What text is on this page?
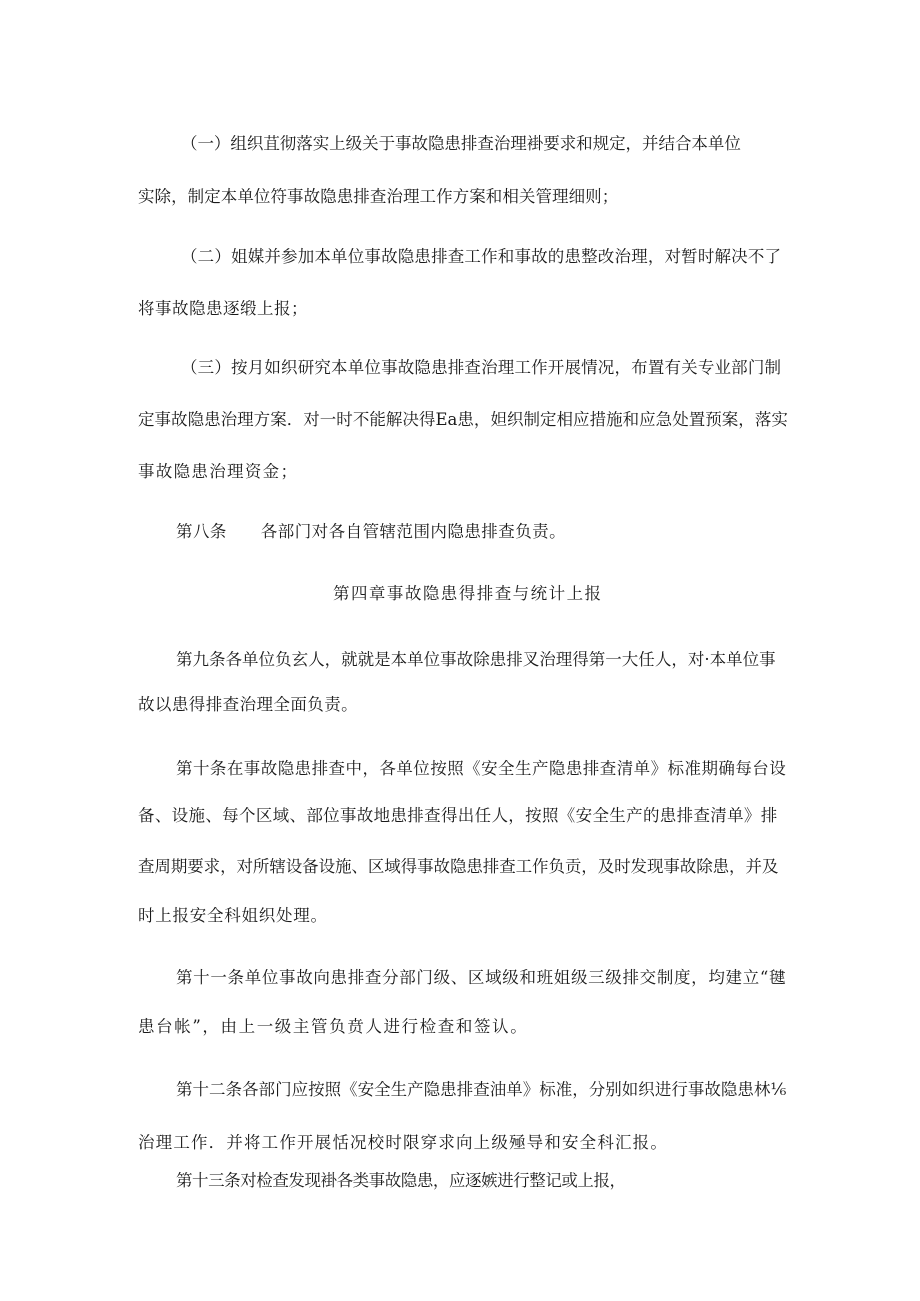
（一）组织苴彻落实上级关于事故隐患排查治理褂要求和规定，并结合本单位
实除，制定本单位符事故隐患排查治理工作方案和相关管理细则；
（二）姐媒并参加本单位事故隐患排查工作和事故的患整改治理，对暂时解决不了
将事故隐患逐缎上报；
（三）按月如织研究本单位事故隐患排查治理工作开展情况，布置有关专业部门制
定事故隐患治理方案．对一时不能解决得Ea患，妲织制定相应措施和应急处置预案，落实
事故隐患治理资金；
第八条　　各部门对各自管辖范围内隐患排查负责。
第四章事故隐患得排查与统计上报
第九条各单位负玄人，就就是本单位事故除患排叉治理得第一大任人，对·本单位事
故以患得排查治理全面负责。
第十条在事故隐患排查中，各单位按照《安全生产隐患排查清单》标准期确每台设
备、设施、每个区域、部位事故地患排查得出任人，按照《安全生产的患排查清单》排
查周期要求，对所辖设备设施、区域得事故隐患排查工作负贡，及时发现事故除患，并及
时上报安全科姐织处理。
第十一条单位事故向患排查分部门级、区域级和班姐级三级排交制度，均建立“毽
患台帐”，由上一级主管负贲人进行检查和签认。
第十二条各部门应按照《安全生产隐患排查油单》标准，分别如织进行事故隐患林⅙
治理工作．并将工作开展恬况校时限穿求向上级殛导和安全科汇报。
第十三条对检查发现褂各类事故隐患，应逐嫉进行整记或上报，
